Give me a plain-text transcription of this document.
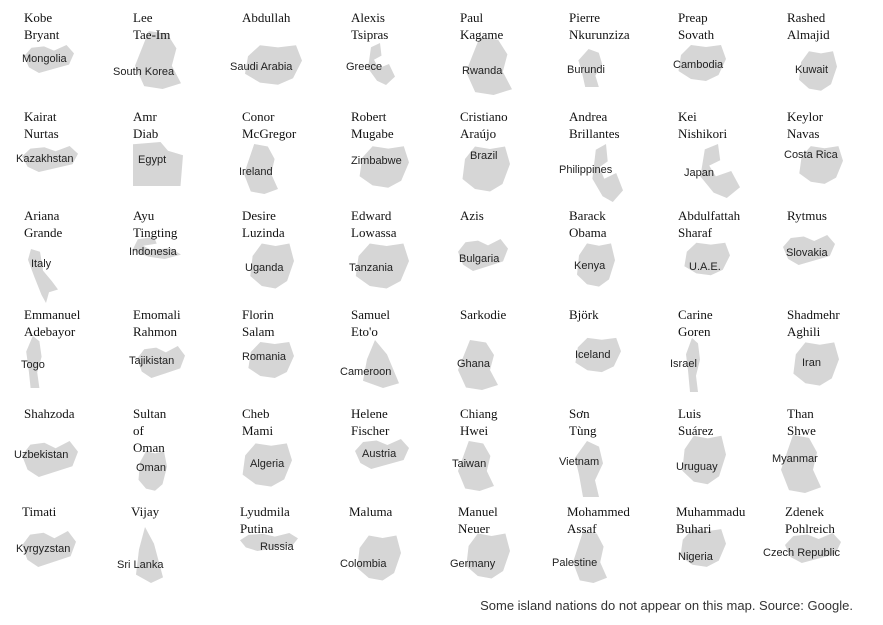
Kobe
Bryant
Mongolia
Lee
Tae-Im
South Korea
Abdullah
Saudi Arabia
Alexis
Tsipras
Greece
Paul
Kagame
Rwanda
Pierre
Nkurunziza
Burundi
Preap
Sovath
Cambodia
Rashed
Almajid
Kuwait
Kairat
Nurtas
Kazakhstan
Amr
Diab
Egypt
Conor
McGregor
Ireland
Robert
Mugabe
Zimbabwe
Cristiano
Araújo
Brazil
Andrea
Brillantes
Philippines
Kei
Nishikori
Japan
Keylor
Navas
Costa Rica
Ariana
Grande
Italy
Ayu
Tingting
Indonesia
Desire
Luzinda
Uganda
Edward
Lowassa
Tanzania
Azis
Bulgaria
Barack
Obama
Kenya
Abdulfattah
Sharaf
U.A.E.
Rytmus
Slovakia
Emmanuel
Adebayor
Togo
Emomali
Rahmon
Tajikistan
Florin
Salam
Romania
Samuel
Eto'o
Cameroon
Sarkodie
Ghana
Björk
Iceland
Carine
Goren
Israel
Shadmehr
Aghili
Iran
Shahzoda
Uzbekistan
Sultan
of
Oman
Oman
Cheb
Mami
Algeria
Helene
Fischer
Austria
Chiang
Hwei
Taiwan
Sơn
Tùng
Vietnam
Luis
Suárez
Uruguay
Than
Shwe
Myanmar
Timati
Kyrgyzstan
Vijay
Sri Lanka
Lyudmila
Putina
Russia
Maluma
Colombia
Manuel
Neuer
Germany
Mohammed
Assaf
Palestine
Muhammadu
Buhari
Nigeria
Zdenek
Pohlreich
Czech Republic
Some island nations do not appear on this map. Source: Google.
